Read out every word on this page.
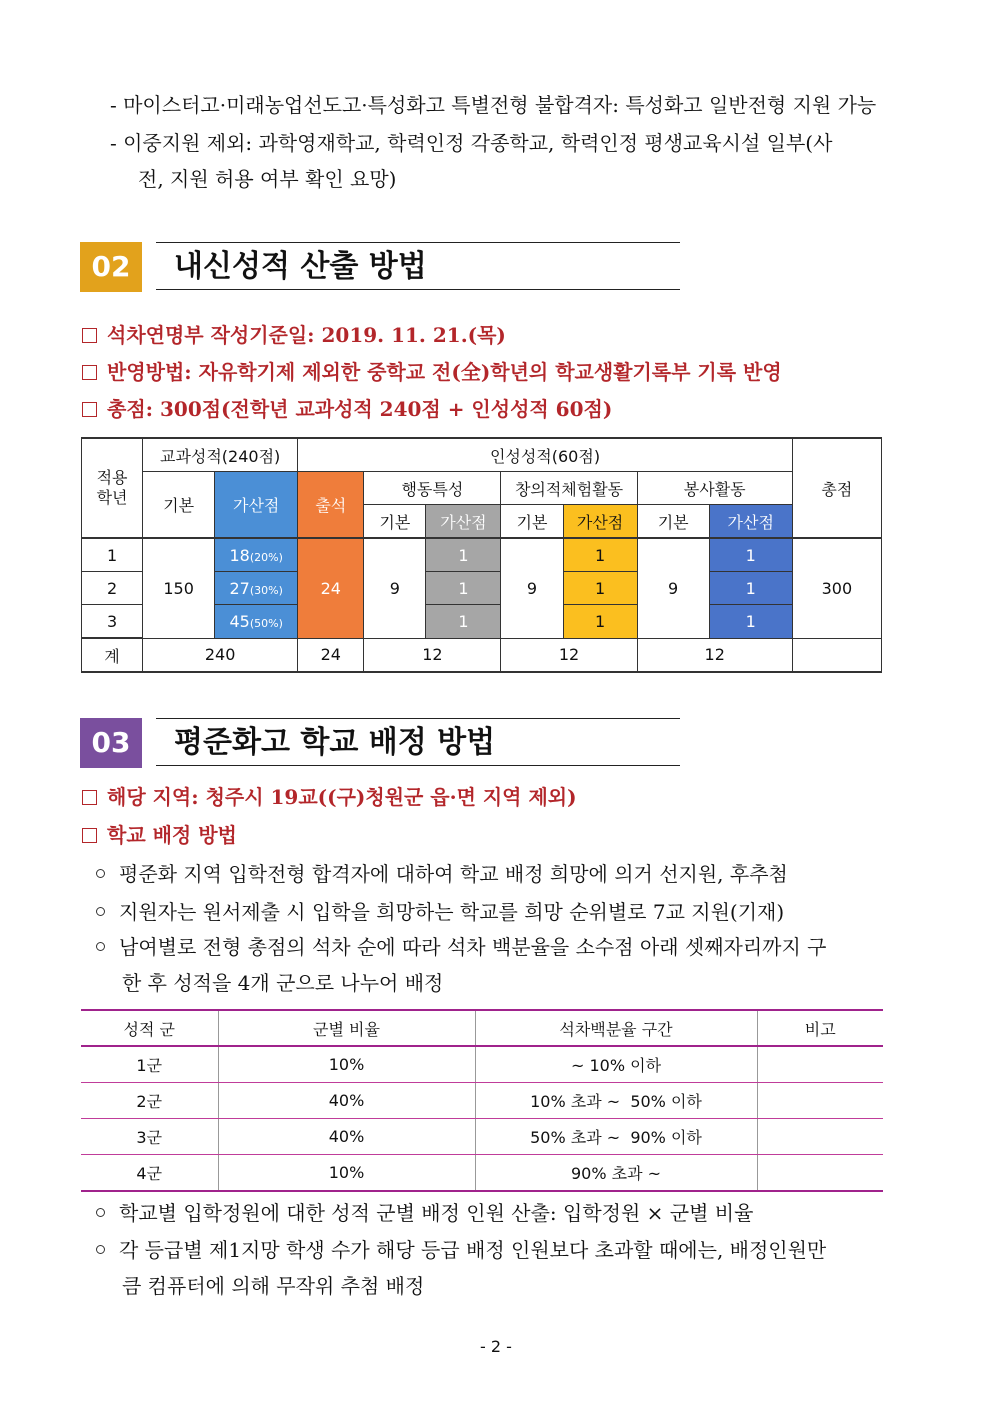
- 마이스터고·미래농업선도고·특성화고 특별전형 불합격자: 특성화고 일반전형 지원 가능
- 이중지원 제외: 과학영재학교, 학력인정 각종학교, 학력인정 평생교육시설 일부(사
전, 지원 허용 여부 확인 요망)
02	내신성적 산출 방법
석차연명부 작성기준일: 2019. 11. 21.(목)
반영방법: 자유학기제 제외한 중학교 전(全)학년의 학교생활기록부 기록 반영
총점: 300점(전학년 교과성적 240점 + 인성성적 60점)
적용
학년	교과성적(240점)		인성성적(60점)							총점
	기본	가산점	출석	행동특성		창의적체험활동		봉사활동		
				기본	가산점	기본	가산점	기본	가산점	
1	150	18(20%)	24	9	1	9	1	9	1	300
2		27(30%)			1		1		1	
3		45(50%)			1		1		1	
계	240		24	12		12		12		
03	평준화고 학교 배정 방법
해당 지역: 청주시 19교((구)청원군 읍·면 지역 제외)
학교 배정 방법
평준화 지역 입학전형 합격자에 대하여 학교 배정 희망에 의거 선지원, 후추첨
지원자는 원서제출 시 입학을 희망하는 학교를 희망 순위별로 7교 지원(기재)
남여별로 전형 총점의 석차 순에 따라 석차 백분율을 소수점 아래 셋째자리까지 구
한 후 성적을 4개 군으로 나누어 배정
성적 군	군별 비율	석차백분율 구간	비고
1군	10%	~ 10% 이하	
2군	40%	10% 초과 ~  50% 이하	
3군	40%	50% 초과 ~  90% 이하	
4군	10%	90% 초과 ~	
학교별 입학정원에 대한 성적 군별 배정 인원 산출: 입학정원 × 군별 비율
각 등급별 제1지망 학생 수가 해당 등급 배정 인원보다 초과할 때에는, 배정인원만
큼 컴퓨터에 의해 무작위 추첨 배정
- 2 -
